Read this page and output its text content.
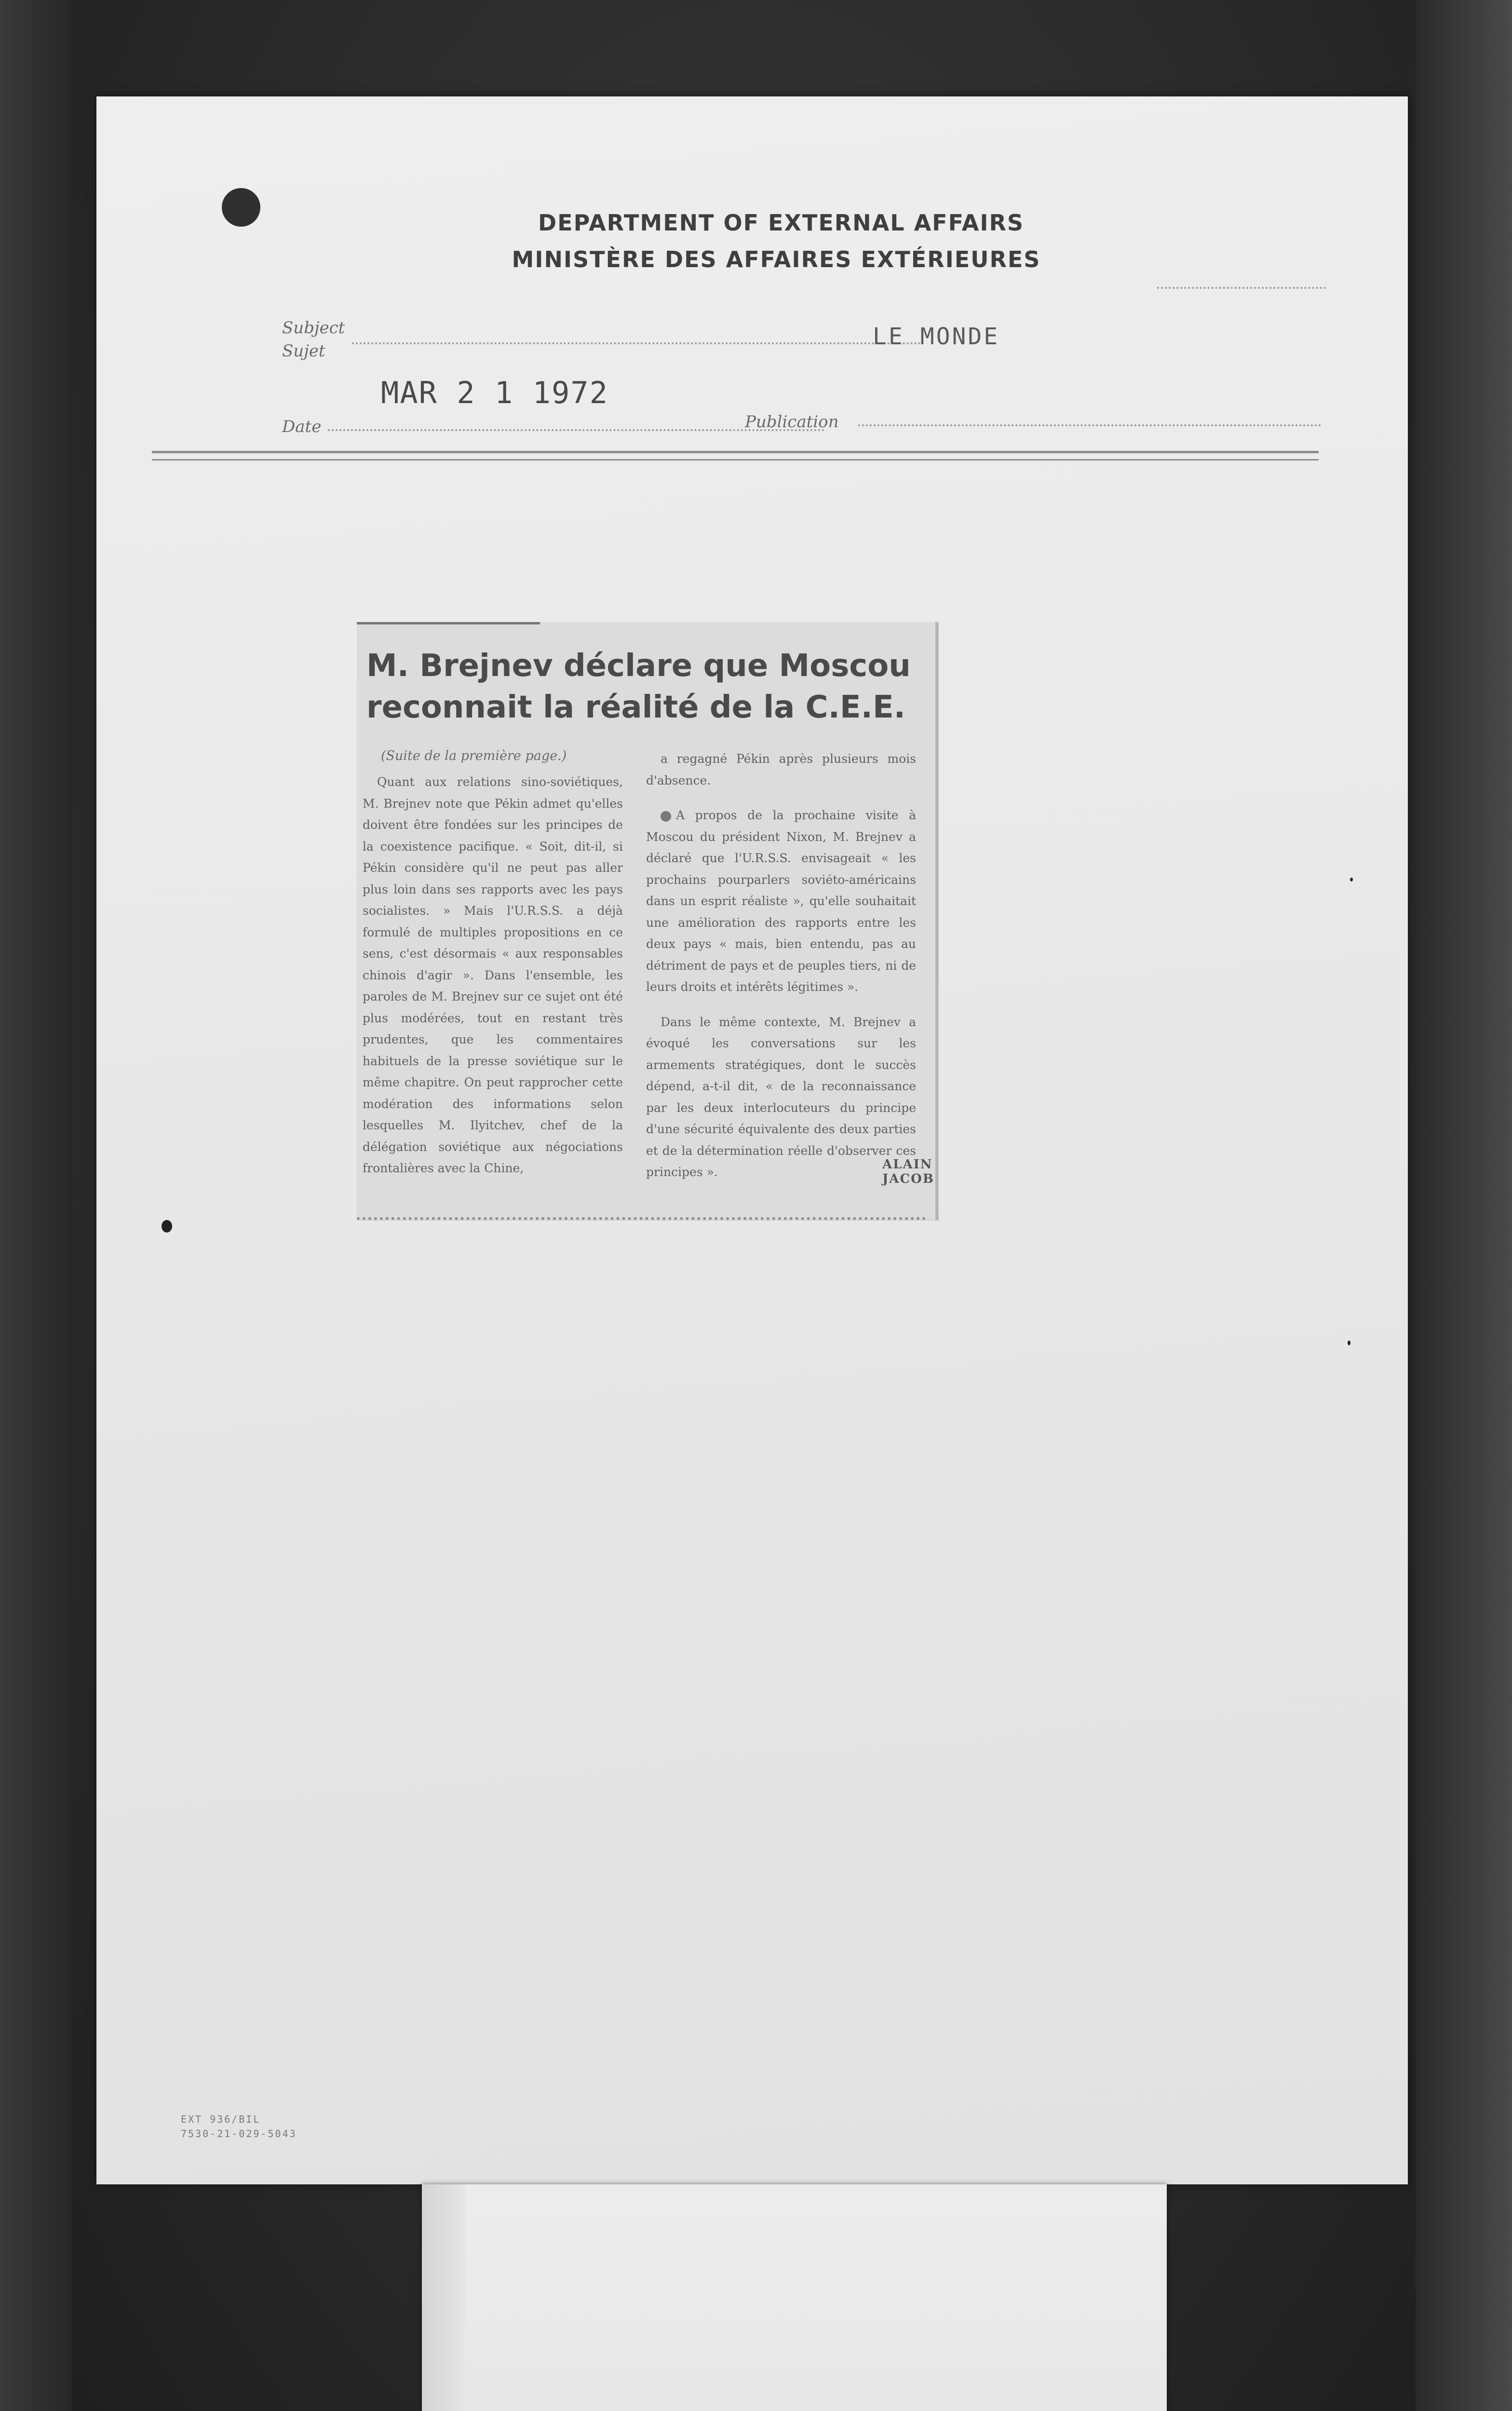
DEPARTMENT OF EXTERNAL AFFAIRS
MINISTÈRE DES AFFAIRES EXTÉRIEURES
Subject
Sujet
Date
MAR 2 1 1972
Publication
LE MONDE
M. Brejnev déclare que Moscou reconnait la réalité de la C.E.E.
(Suite de la première page.)

Quant aux relations sino-soviétiques, M. Brejnev note que Pékin admet qu'elles doivent être fondées sur les principes de la coexistence pacifique. « Soit, dit-il, si Pékin considère qu'il ne peut pas aller plus loin dans ses rapports avec les pays socialistes. » Mais l'U.R.S.S. a déjà formulé de multiples propositions en ce sens, c'est désormais « aux responsables chinois d'agir ». Dans l'ensemble, les paroles de M. Brejnev sur ce sujet ont été plus modérées, tout en restant très prudentes, que les commentaires habituels de la presse soviétique sur le même chapitre. On peut rapprocher cette modération des informations selon lesquelles M. Ilyitchev, chef de la délégation soviétique aux négociations frontalières avec la Chine,

a regagné Pékin après plusieurs mois d'absence.

A propos de la prochaine visite à Moscou du président Nixon, M. Brejnev a déclaré que l'U.R.S.S. envisageait « les prochains pourparlers soviéto-américains dans un esprit réaliste », qu'elle souhaitait une amélioration des rapports entre les deux pays « mais, bien entendu, pas au détriment de pays et de peuples tiers, ni de leurs droits et intérêts légitimes ».

Dans le même contexte, M. Brejnev a évoqué les conversations sur les armements stratégiques, dont le succès dépend, a-t-il dit, « de la reconnaissance par les deux interlocuteurs du principe d'une sécurité équivalente des deux parties et de la détermination réelle d'observer ces principes ».

ALAIN JACOB
EXT 936/BIL
7530-21-029-5043
